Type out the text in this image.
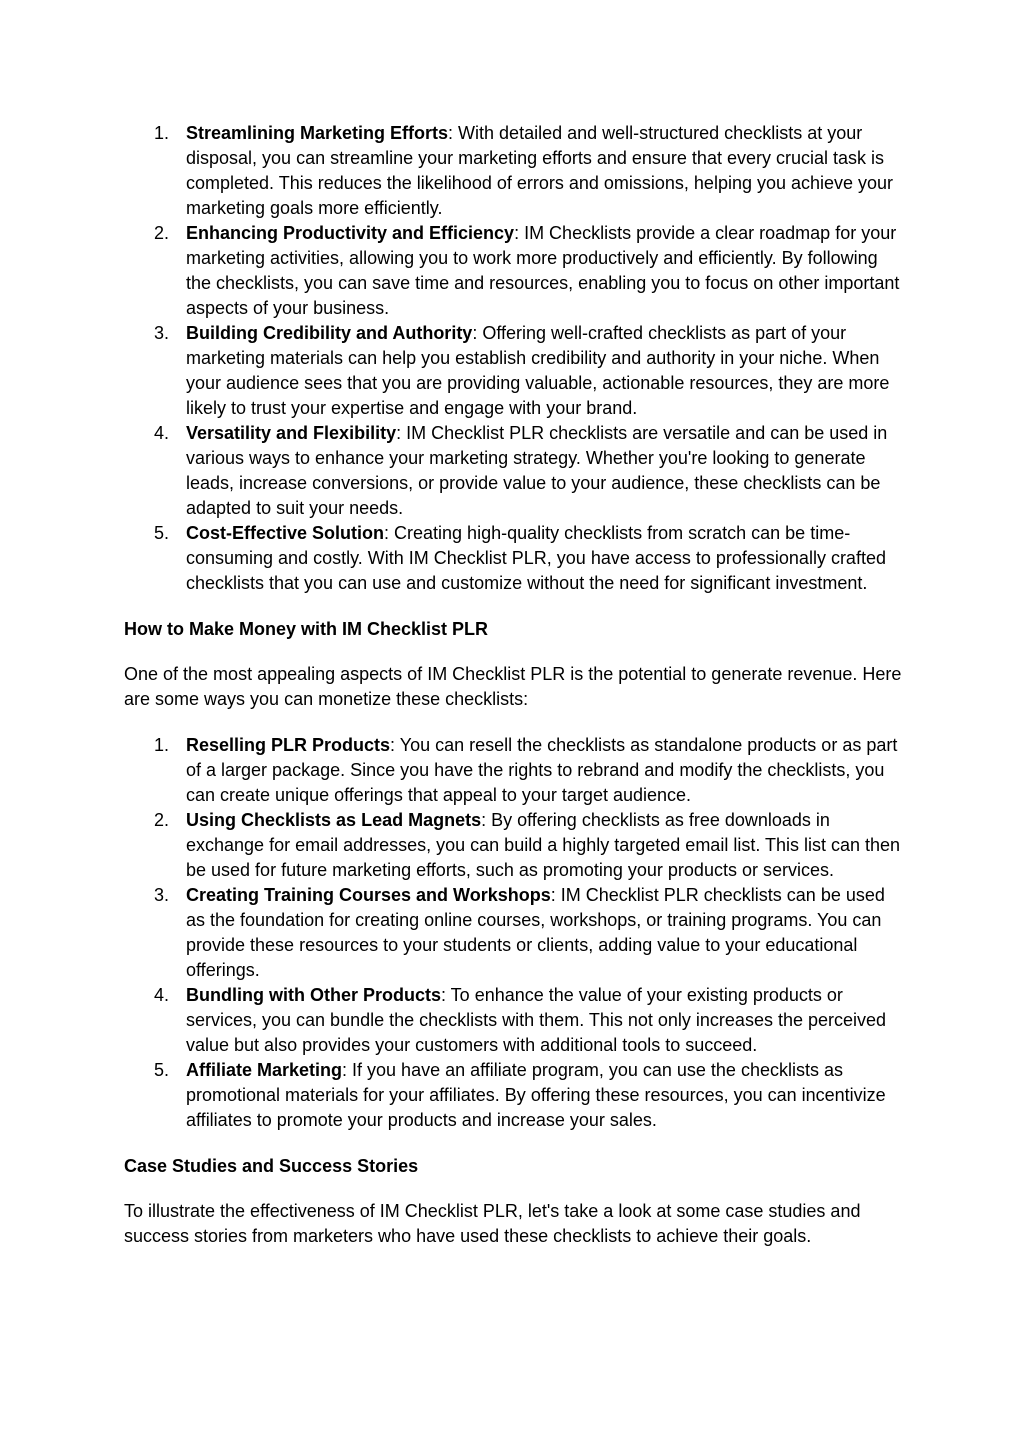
1. Streamlining Marketing Efforts: With detailed and well-structured checklists at your disposal, you can streamline your marketing efforts and ensure that every crucial task is completed. This reduces the likelihood of errors and omissions, helping you achieve your marketing goals more efficiently.
2. Enhancing Productivity and Efficiency: IM Checklists provide a clear roadmap for your marketing activities, allowing you to work more productively and efficiently. By following the checklists, you can save time and resources, enabling you to focus on other important aspects of your business.
3. Building Credibility and Authority: Offering well-crafted checklists as part of your marketing materials can help you establish credibility and authority in your niche. When your audience sees that you are providing valuable, actionable resources, they are more likely to trust your expertise and engage with your brand.
4. Versatility and Flexibility: IM Checklist PLR checklists are versatile and can be used in various ways to enhance your marketing strategy. Whether you're looking to generate leads, increase conversions, or provide value to your audience, these checklists can be adapted to suit your needs.
5. Cost-Effective Solution: Creating high-quality checklists from scratch can be time-consuming and costly. With IM Checklist PLR, you have access to professionally crafted checklists that you can use and customize without the need for significant investment.

How to Make Money with IM Checklist PLR

One of the most appealing aspects of IM Checklist PLR is the potential to generate revenue. Here are some ways you can monetize these checklists:

1. Reselling PLR Products: You can resell the checklists as standalone products or as part of a larger package. Since you have the rights to rebrand and modify the checklists, you can create unique offerings that appeal to your target audience.
2. Using Checklists as Lead Magnets: By offering checklists as free downloads in exchange for email addresses, you can build a highly targeted email list. This list can then be used for future marketing efforts, such as promoting your products or services.
3. Creating Training Courses and Workshops: IM Checklist PLR checklists can be used as the foundation for creating online courses, workshops, or training programs. You can provide these resources to your students or clients, adding value to your educational offerings.
4. Bundling with Other Products: To enhance the value of your existing products or services, you can bundle the checklists with them. This not only increases the perceived value but also provides your customers with additional tools to succeed.
5. Affiliate Marketing: If you have an affiliate program, you can use the checklists as promotional materials for your affiliates. By offering these resources, you can incentivize affiliates to promote your products and increase your sales.

Case Studies and Success Stories

To illustrate the effectiveness of IM Checklist PLR, let's take a look at some case studies and success stories from marketers who have used these checklists to achieve their goals.
